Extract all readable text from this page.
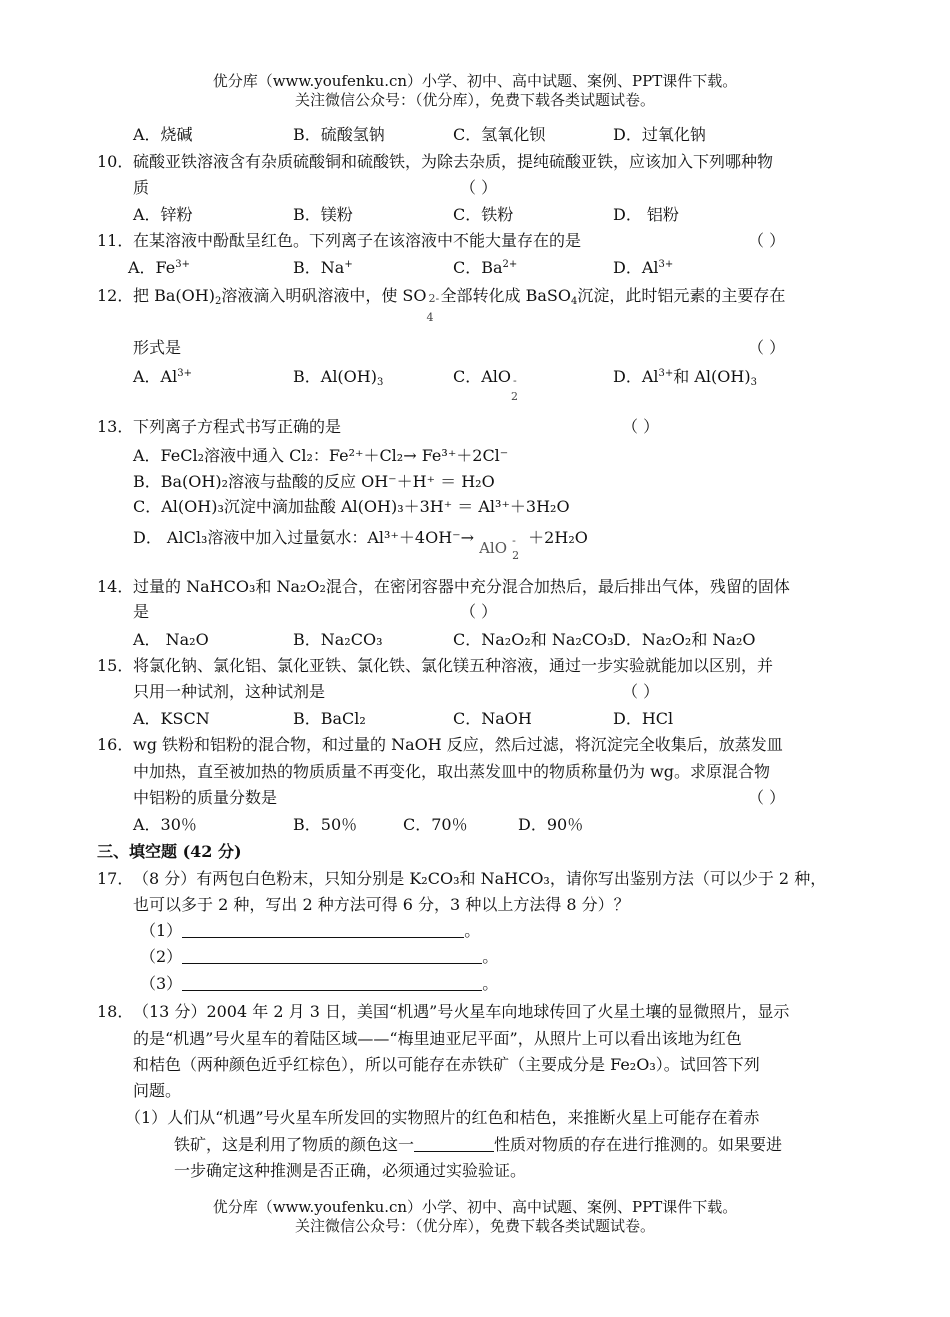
优分库（www.youfenku.cn）小学、初中、高中试题、案例、PPT课件下载。
关注微信公众号：（优分库），免费下载各类试题试卷。
A．烧碱	B．硫酸氢钠	C．氢氧化钡	D．过氧化钠
10． 硫酸亚铁溶液含有杂质硫酸铜和硫酸铁，为除去杂质，提纯硫酸亚铁，应该加入下列哪种物
质	（ ）
A．锌粉	B．镁粉	C．铁粉	D． 铝粉
11． 在某溶液中酚酞呈红色。下列离子在该溶液中不能大量存在的是	（ ）
A．$Fe^{3+}$	B．Na+	C．$Ba^{2+}$	D．$Al^{3+}$
12． 把 $Ba(OH)_2$溶液滴入明矾溶液中，使 SO 2-
4
全部转化成 BaSO$_4$沉淀，此时铝元素的主要存在
形式是	（ ）
A．$Al^{3+}$	B．$Al(OH)_3$	C．AlO -
2
D．$Al^{3+}$和 $Al(OH)_3$
13． 下列离子方程式书写正确的是	（ ）
A．FeCl₂溶液中通入 Cl₂：Fe²⁺＋Cl₂→ Fe³⁺＋2Cl⁻
B．Ba(OH)₂溶液与盐酸的反应 OH⁻＋H⁺ ＝ H₂O
C．Al(OH)₃沉淀中滴加盐酸 Al(OH)₃＋3H⁺ ＝ Al³⁺＋3H₂O
D． AlCl₃溶液中加入过量氨水：Al³⁺＋4OH⁻→
AlO -
2
＋2H₂O
14． 过量的 NaHCO₃和 Na₂O₂混合，在密闭容器中充分混合加热后，最后排出气体，残留的固体
是	（ ）
A． Na₂O	B．Na₂CO₃	C．Na₂O₂和 Na₂CO₃ D．Na₂O₂和 Na₂O
15． 将氯化钠、氯化铝、氯化亚铁、氯化铁、氯化镁五种溶液，通过一步实验就能加以区别，并
只用一种试剂，这种试剂是	（ ）
A．KSCN	B．BaCl₂	C．NaOH	D．HCl
16． wg 铁粉和铝粉的混合物，和过量的 NaOH 反应，然后过滤，将沉淀完全收集后，放蒸发皿
中加热，直至被加热的物质质量不再变化，取出蒸发皿中的物质称量仍为 wg。求原混合物
中铝粉的质量分数是	（ ）
A．30％	B．50％	C．70％	D．90％
三、填空题 (42 分)
17． （8 分）有两包白色粉末，只知分别是 K₂CO₃和 NaHCO₃，请你写出鉴别方法（可以少于 2 种，
也可以多于 2 种，写出 2 种方法可得 6 分，3 种以上方法得 8 分）？
（1）	。
（2）	。
（3）	。
18． （13 分）2004 年 2 月 3 日，美国“机遇”号火星车向地球传回了火星土壤的显微照片，显示
的是“机遇”号火星车的着陆区域——“梅里迪亚尼平面”，从照片上可以看出该地为红色
和桔色（两种颜色近乎红棕色），所以可能存在赤铁矿（主要成分是 Fe₂O₃）。试回答下列
问题。
（1）人们从“机遇”号火星车所发回的实物照片的红色和桔色，来推断火星上可能存在着赤
铁矿，这是利用了物质的颜色这一	性质对物质的存在进行推测的。如果要进
一步确定这种推测是否正确，必须通过实验验证。
优分库（www.youfenku.cn）小学、初中、高中试题、案例、PPT课件下载。
关注微信公众号：（优分库），免费下载各类试题试卷。
